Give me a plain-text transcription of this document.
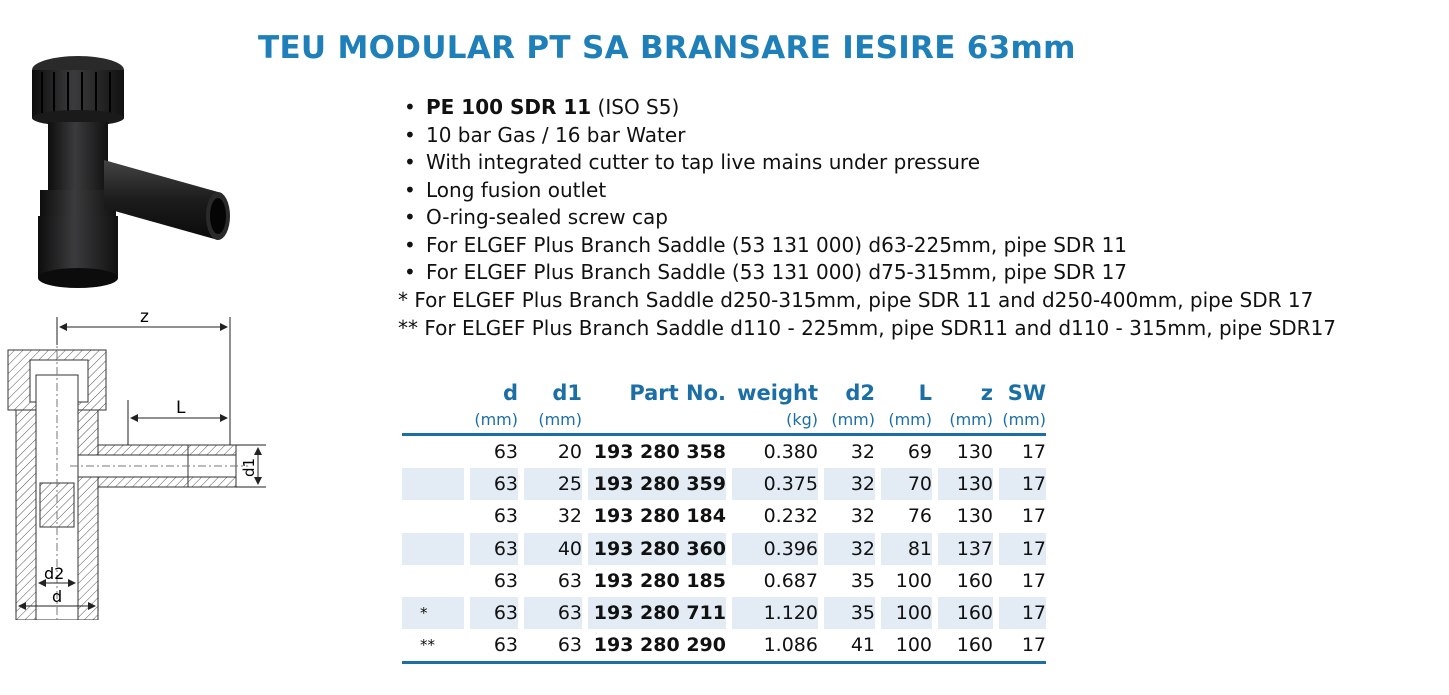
TEU MODULAR PT SA BRANSARE IESIRE 63mm
z
L
d1
d2
d
• PE 100 SDR 11 (ISO S5)
• 10 bar Gas / 16 bar Water
• With integrated cutter to tap live mains under pressure
• Long fusion outlet
• O-ring-sealed screw cap
• For ELGEF Plus Branch Saddle (53 131 000) d63-225mm, pipe SDR 11
• For ELGEF Plus Branch Saddle (53 131 000) d75-315mm, pipe SDR 17
* For ELGEF Plus Branch Saddle d250-315mm, pipe SDR 11 and d250-400mm, pipe SDR 17
** For ELGEF Plus Branch Saddle d110 - 225mm, pipe SDR11 and d110 - 315mm, pipe SDR17
		d		d1		Part No.		weight		d2		L		z		SW
		(mm)		(mm)				(kg)		(mm)		(mm)		(mm)		(mm)
		63		20		193 280 358		0.380		32		69		130		17
		63		25		193 280 359		0.375		32		70		130		17
		63		32		193 280 184		0.232		32		76		130		17
		63		40		193 280 360		0.396		32		81		137		17
		63		63		193 280 185		0.687		35		100		160		17
*		63		63		193 280 711		1.120		35		100		160		17
**		63		63		193 280 290		1.086		41		100		160		17
